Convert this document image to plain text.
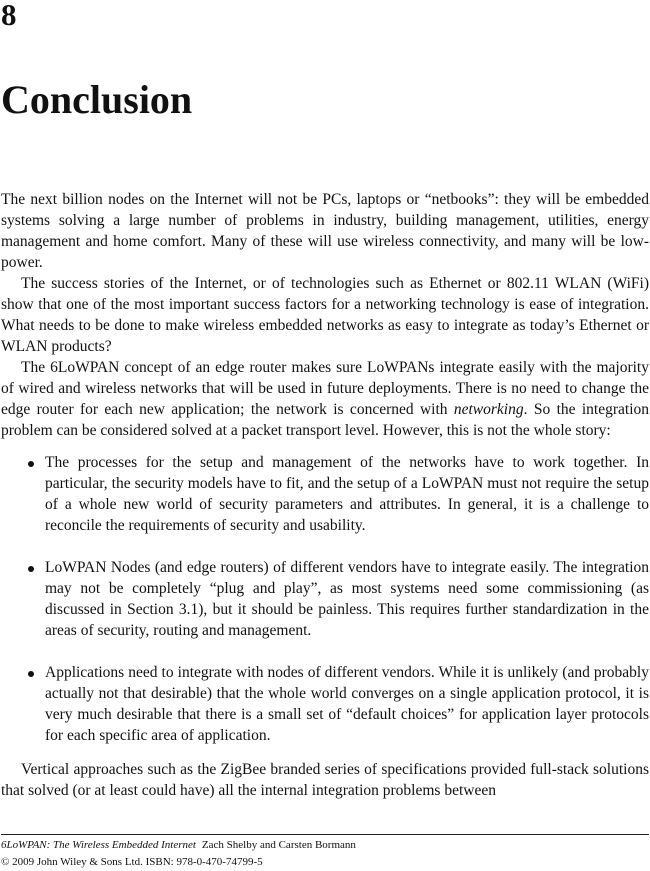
8
Conclusion

The next billion nodes on the Internet will not be PCs, laptops or “netbooks”: they will be embedded systems solving a large number of problems in industry, building management, utilities, energy management and home comfort. Many of these will use wireless connectivity, and many will be low-power.

The success stories of the Internet, or of technologies such as Ethernet or 802.11 WLAN (WiFi) show that one of the most important success factors for a networking technology is ease of integration. What needs to be done to make wireless embedded networks as easy to integrate as today’s Ethernet or WLAN products?

The 6LoWPAN concept of an edge router makes sure LoWPANs integrate easily with the majority of wired and wireless networks that will be used in future deployments. There is no need to change the edge router for each new application; the network is concerned with networking. So the integration problem can be considered solved at a packet transport level. However, this is not the whole story:

The processes for the setup and management of the networks have to work together. In particular, the security models have to fit, and the setup of a LoWPAN must not require the setup of a whole new world of security parameters and attributes. In general, it is a challenge to reconcile the requirements of security and usability.
LoWPAN Nodes (and edge routers) of different vendors have to integrate easily. The integration may not be completely “plug and play”, as most systems need some commissioning (as discussed in Section 3.1), but it should be painless. This requires further standardization in the areas of security, routing and management.
Applications need to integrate with nodes of different vendors. While it is unlikely (and probably actually not that desirable) that the whole world converges on a single application protocol, it is very much desirable that there is a small set of “default choices” for application layer protocols for each specific area of application.

Vertical approaches such as the ZigBee branded series of specifications provided full-stack solutions that solved (or at least could have) all the internal integration problems between

6LoWPAN: The Wireless Embedded Internet Zach Shelby and Carsten Bormann
© 2009 John Wiley & Sons Ltd. ISBN: 978-0-470-74799-5
